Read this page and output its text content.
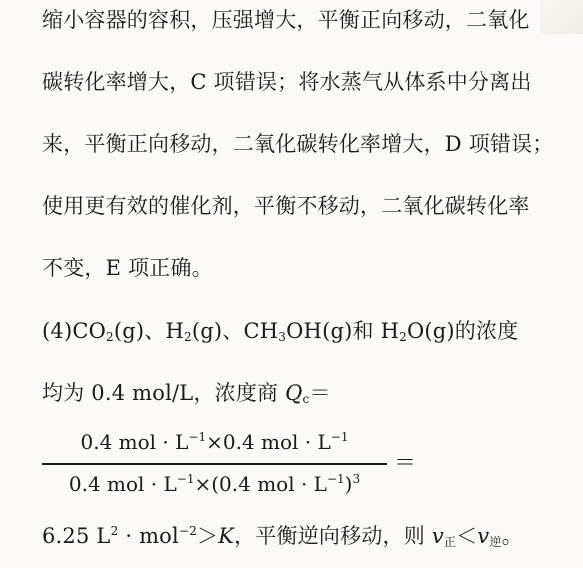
缩小容器的容积，压强增大，平衡正向移动，二氧化
碳转化率增大，C 项错误；将水蒸气从体系中分离出
来，平衡正向移动，二氧化碳转化率增大，D 项错误；
使用更有效的催化剂，平衡不移动，二氧化碳转化率
不变，E 项正确。
$(4)CO_2(g)$、$H_2(g)$、$CH_3OH(g)$和 $H_2O(g)$的浓度
均为 0.4 mol/L，浓度商 $Q_c=$
0.4 mol · $L^{-1}\times 0.4$ mol · $L^{-1}$
0.4 mol · $L^{-1}\times(0.4$ mol · $L^{-1})^3$
＝
6.25 $L^2 \cdot mol^{-2}>K$，平衡逆向移动，则 $v_正<v_逆$。
